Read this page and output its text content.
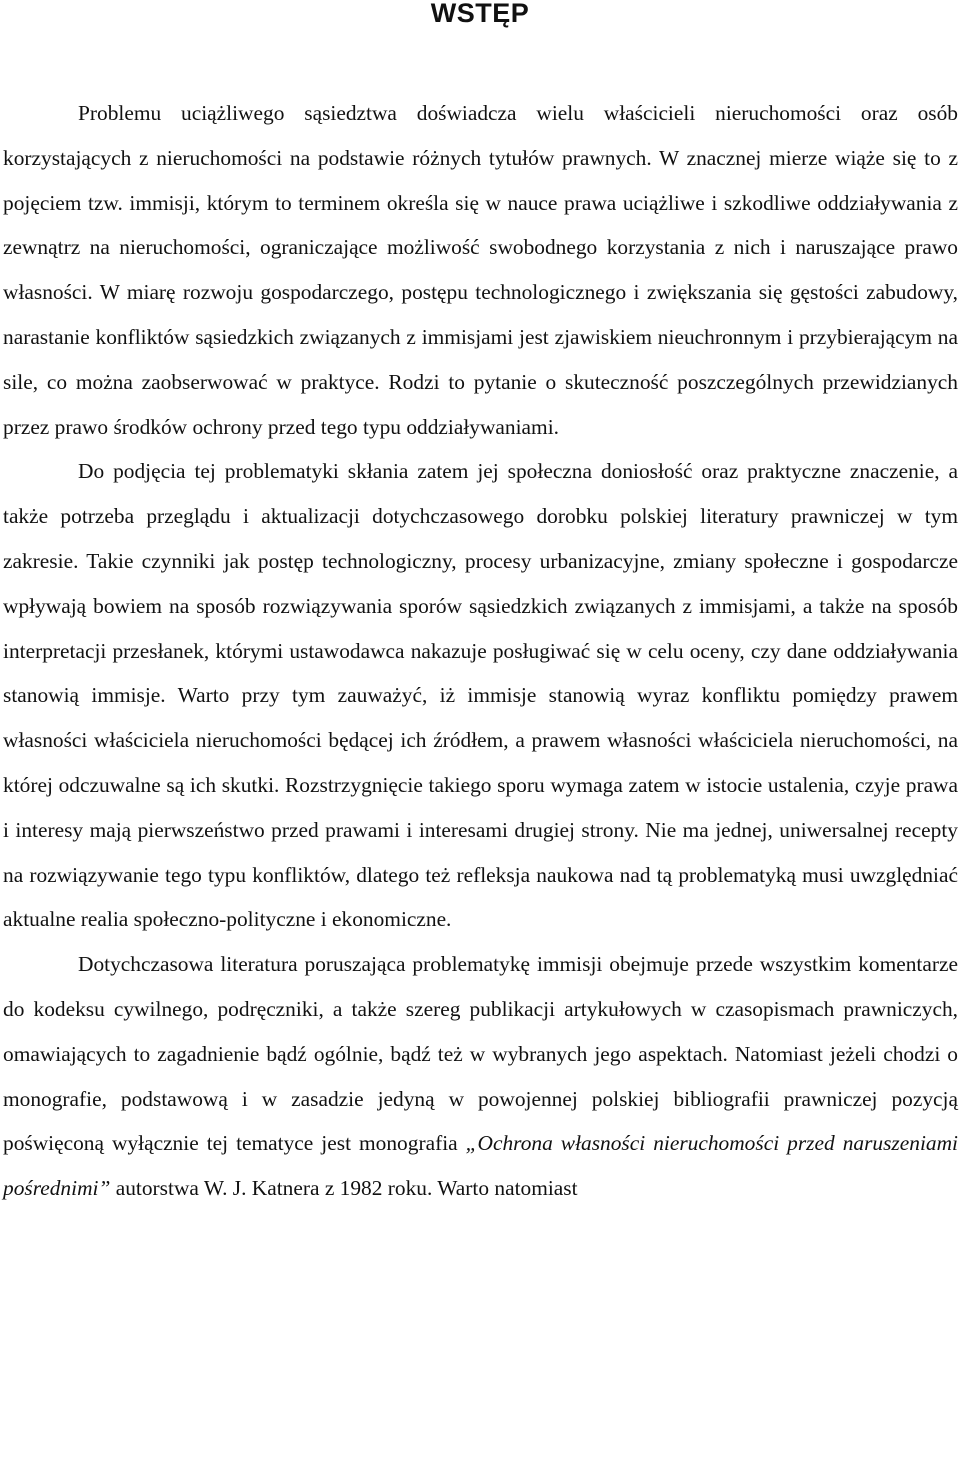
WSTĘP

Problemu uciążliwego sąsiedztwa doświadcza wielu właścicieli nieruchomości oraz osób korzystających z nieruchomości na podstawie różnych tytułów prawnych. W znacznej mierze wiąże się to z pojęciem tzw. immisji, którym to terminem określa się w nauce prawa uciążliwe i szkodliwe oddziaływania z zewnątrz na nieruchomości, ograniczające możliwość swobodnego korzystania z nich i naruszające prawo własności. W miarę rozwoju gospodarczego, postępu technologicznego i zwiększania się gęstości zabudowy, narastanie konfliktów sąsiedzkich związanych z immisjami jest zjawiskiem nieuchronnym i przybierającym na sile, co można zaobserwować w praktyce. Rodzi to pytanie o skuteczność poszczególnych przewidzianych przez prawo środków ochrony przed tego typu oddziaływaniami.

Do podjęcia tej problematyki skłania zatem jej społeczna doniosłość oraz praktyczne znaczenie, a także potrzeba przeglądu i aktualizacji dotychczasowego dorobku polskiej literatury prawniczej w tym zakresie. Takie czynniki jak postęp technologiczny, procesy urbanizacyjne, zmiany społeczne i gospodarcze wpływają bowiem na sposób rozwiązywania sporów sąsiedzkich związanych z immisjami, a także na sposób interpretacji przesłanek, którymi ustawodawca nakazuje posługiwać się w celu oceny, czy dane oddziaływania stanowią immisje. Warto przy tym zauważyć, iż immisje stanowią wyraz konfliktu pomiędzy prawem własności właściciela nieruchomości będącej ich źródłem, a prawem własności właściciela nieruchomości, na której odczuwalne są ich skutki. Rozstrzygnięcie takiego sporu wymaga zatem w istocie ustalenia, czyje prawa i interesy mają pierwszeństwo przed prawami i interesami drugiej strony. Nie ma jednej, uniwersalnej recepty na rozwiązywanie tego typu konfliktów, dlatego też refleksja naukowa nad tą problematyką musi uwzględniać aktualne realia społeczno-polityczne i ekonomiczne.

Dotychczasowa literatura poruszająca problematykę immisji obejmuje przede wszystkim komentarze do kodeksu cywilnego, podręczniki, a także szereg publikacji artykułowych w czasopismach prawniczych, omawiających to zagadnienie bądź ogólnie, bądź też w wybranych jego aspektach. Natomiast jeżeli chodzi o monografie, podstawową i w zasadzie jedyną w powojennej polskiej bibliografii prawniczej pozycją poświęconą wyłącznie tej tematyce jest monografia „Ochrona własności nieruchomości przed naruszeniami pośrednimi” autorstwa W. J. Katnera z 1982 roku. Warto natomiast
